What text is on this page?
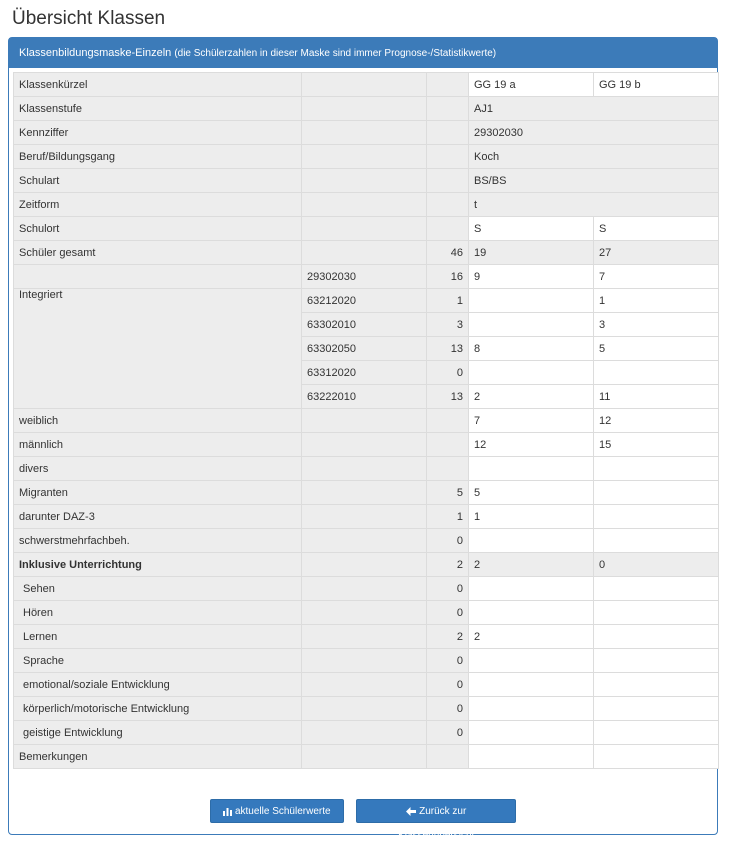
Übersicht Klassen
Klassenbildungsmaske-Einzeln (die Schülerzahlen in dieser Maske sind immer Prognose-/Statistikwerte)
Klassenkürzel			GG 19 a	GG 19 b
Klassenstufe			AJ1	
Kennziffer			29302030	
Beruf/Bildungsgang			Koch	
Schulart			BS/BS	
Zeitform			t	
Schulort			S	S
Schüler gesamt		46	19	27
	29302030	16	9	7
Integriert	63212020	1		1
	63302010	3		3
	63302050	13	8	5
	63312020	0		
	63222010	13	2	11
weiblich			7	12
männlich			12	15
divers				
Migranten		5	5	
darunter DAZ-3		1	1	
schwerstmehrfachbeh.		0		
Inklusive Unterrichtung		2	2	0
Sehen		0		
Hören		0		
Lernen		2	2	
Sprache		0		
emotional/soziale Entwicklung		0		
körperlich/motorische Entwicklung		0		
geistige Entwicklung		0		
Bemerkungen				
aktuelle Schülerwerte	Zurück zur Klassenübersicht
